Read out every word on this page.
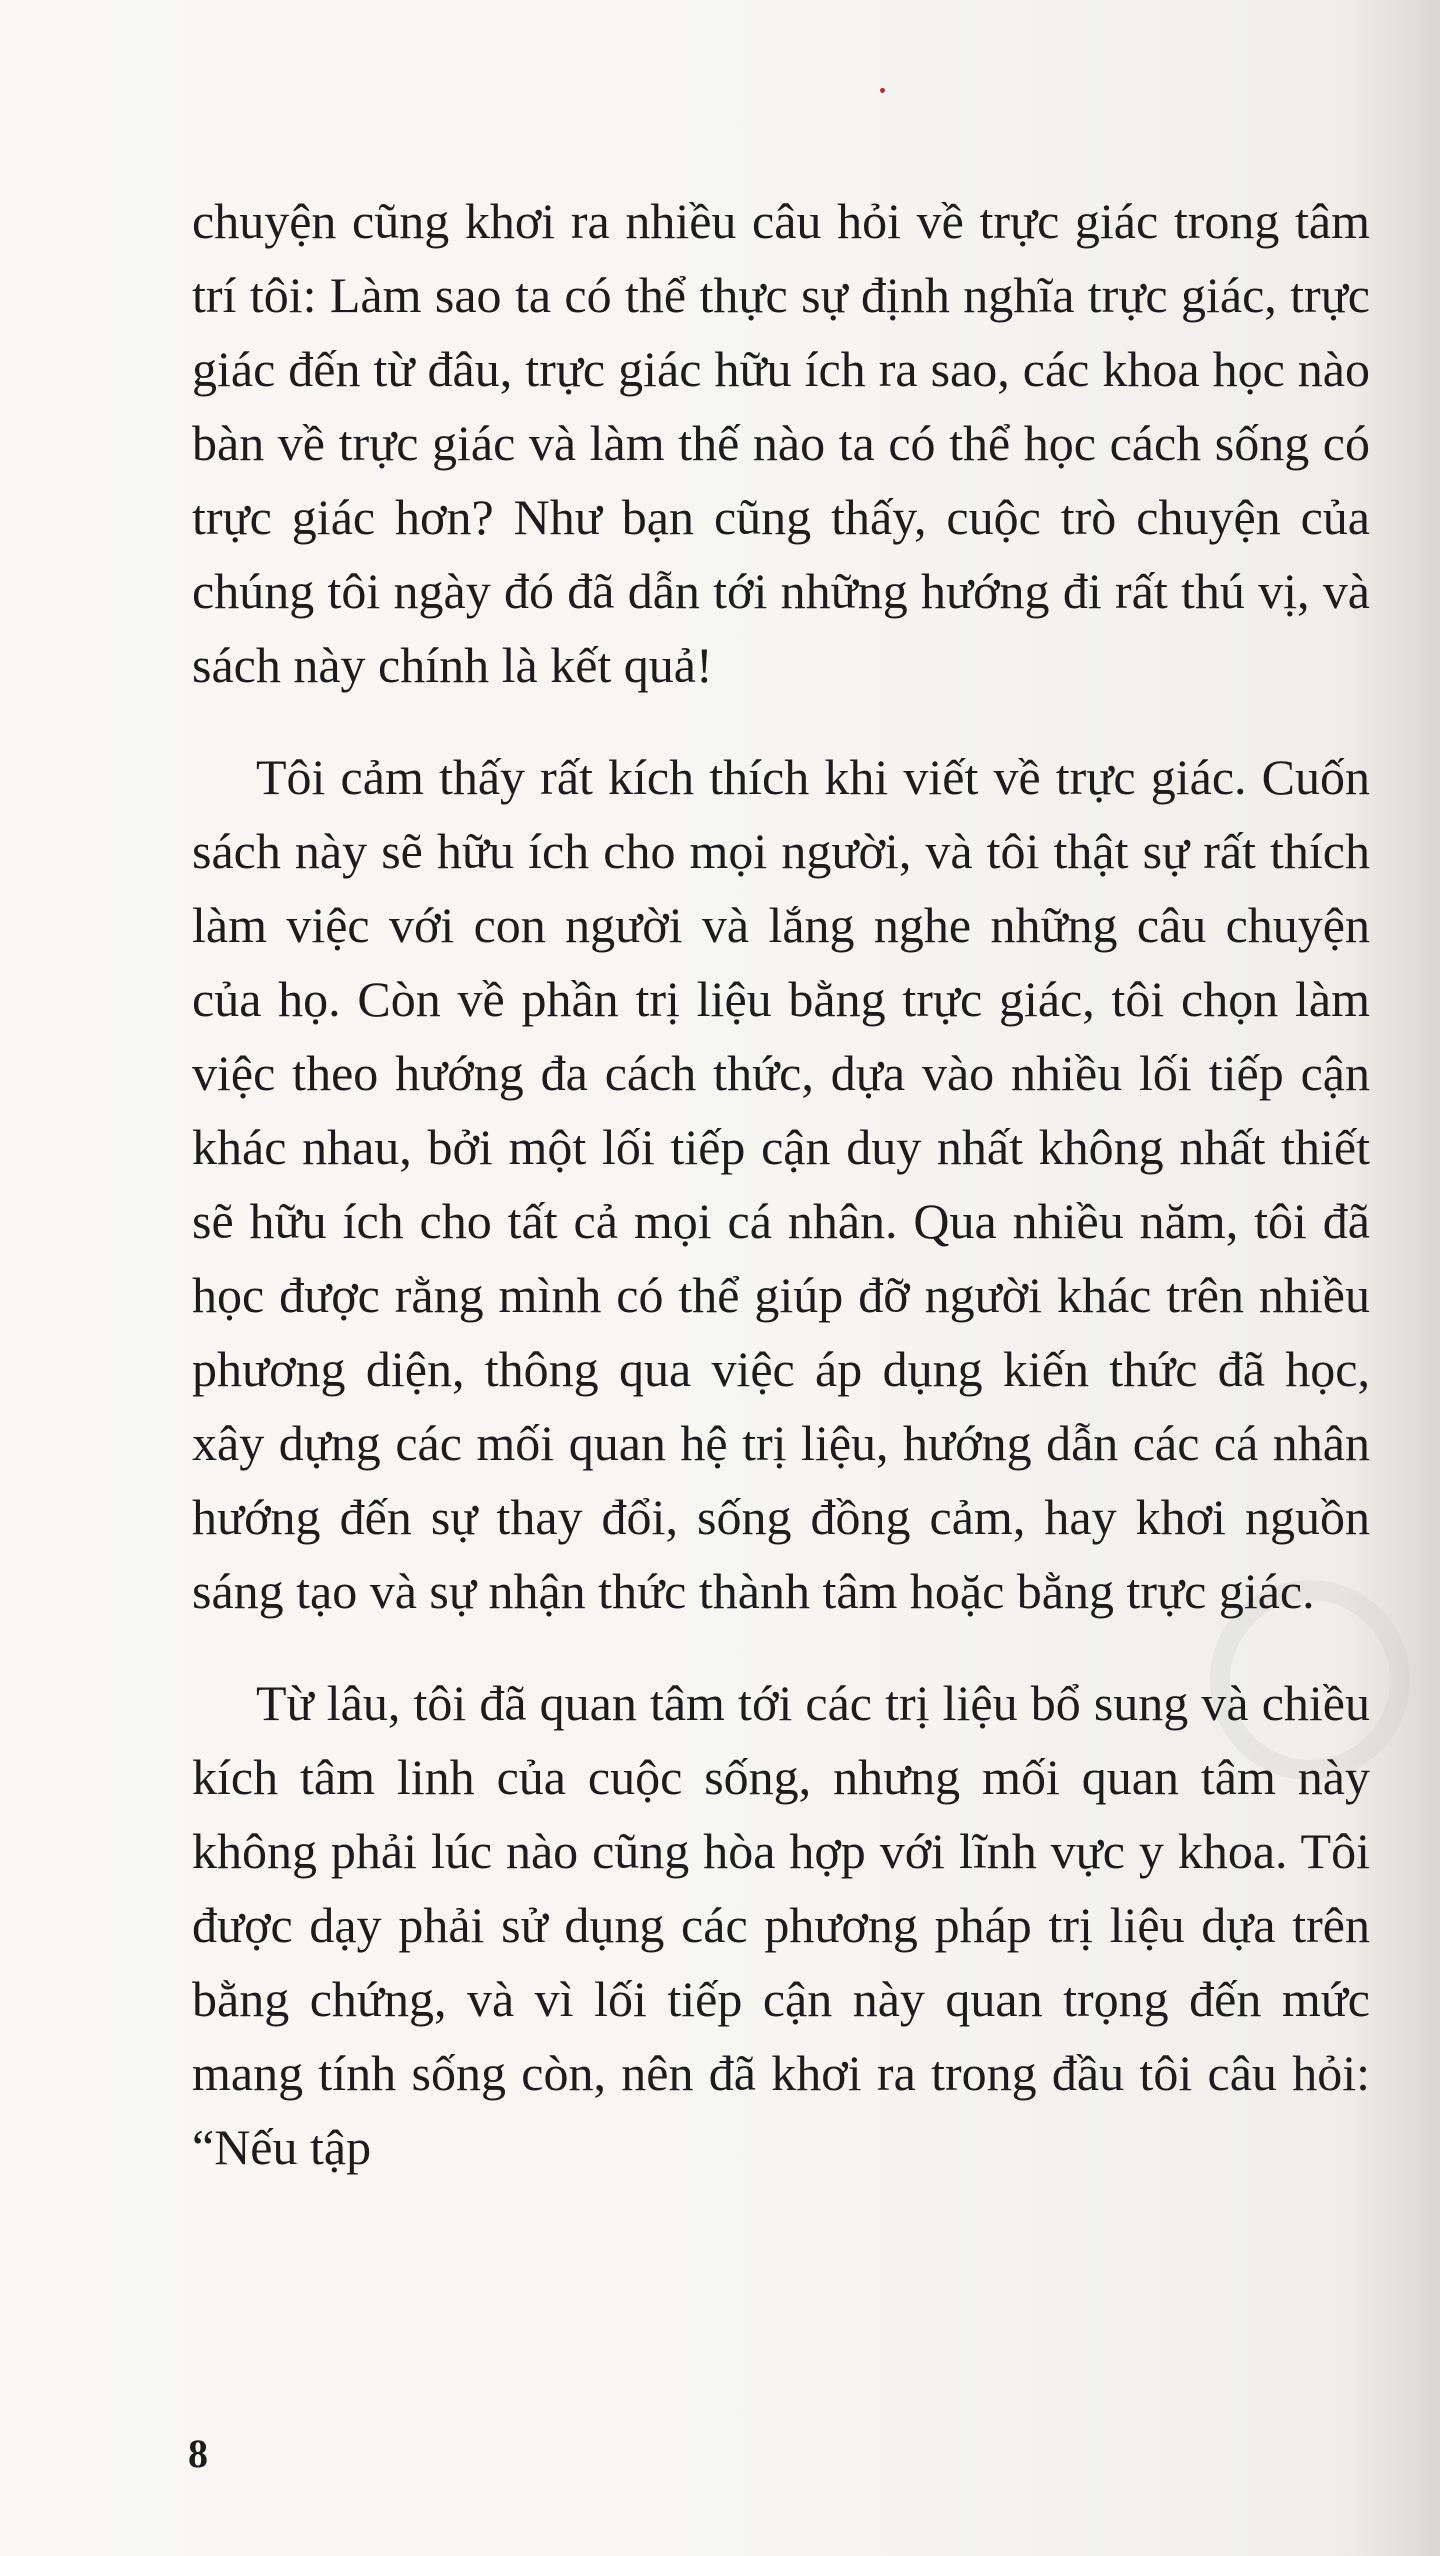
chuyện cũng khơi ra nhiều câu hỏi về trực giác trong tâm trí tôi: Làm sao ta có thể thực sự định nghĩa trực giác, trực giác đến từ đâu, trực giác hữu ích ra sao, các khoa học nào bàn về trực giác và làm thế nào ta có thể học cách sống có trực giác hơn? Như bạn cũng thấy, cuộc trò chuyện của chúng tôi ngày đó đã dẫn tới những hướng đi rất thú vị, và sách này chính là kết quả!

Tôi cảm thấy rất kích thích khi viết về trực giác. Cuốn sách này sẽ hữu ích cho mọi người, và tôi thật sự rất thích làm việc với con người và lắng nghe những câu chuyện của họ. Còn về phần trị liệu bằng trực giác, tôi chọn làm việc theo hướng đa cách thức, dựa vào nhiều lối tiếp cận khác nhau, bởi một lối tiếp cận duy nhất không nhất thiết sẽ hữu ích cho tất cả mọi cá nhân. Qua nhiều năm, tôi đã học được rằng mình có thể giúp đỡ người khác trên nhiều phương diện, thông qua việc áp dụng kiến thức đã học, xây dựng các mối quan hệ trị liệu, hướng dẫn các cá nhân hướng đến sự thay đổi, sống đồng cảm, hay khơi nguồn sáng tạo và sự nhận thức thành tâm hoặc bằng trực giác.

Từ lâu, tôi đã quan tâm tới các trị liệu bổ sung và chiều kích tâm linh của cuộc sống, nhưng mối quan tâm này không phải lúc nào cũng hòa hợp với lĩnh vực y khoa. Tôi được dạy phải sử dụng các phương pháp trị liệu dựa trên bằng chứng, và vì lối tiếp cận này quan trọng đến mức mang tính sống còn, nên đã khơi ra trong đầu tôi câu hỏi: “Nếu tập

8
